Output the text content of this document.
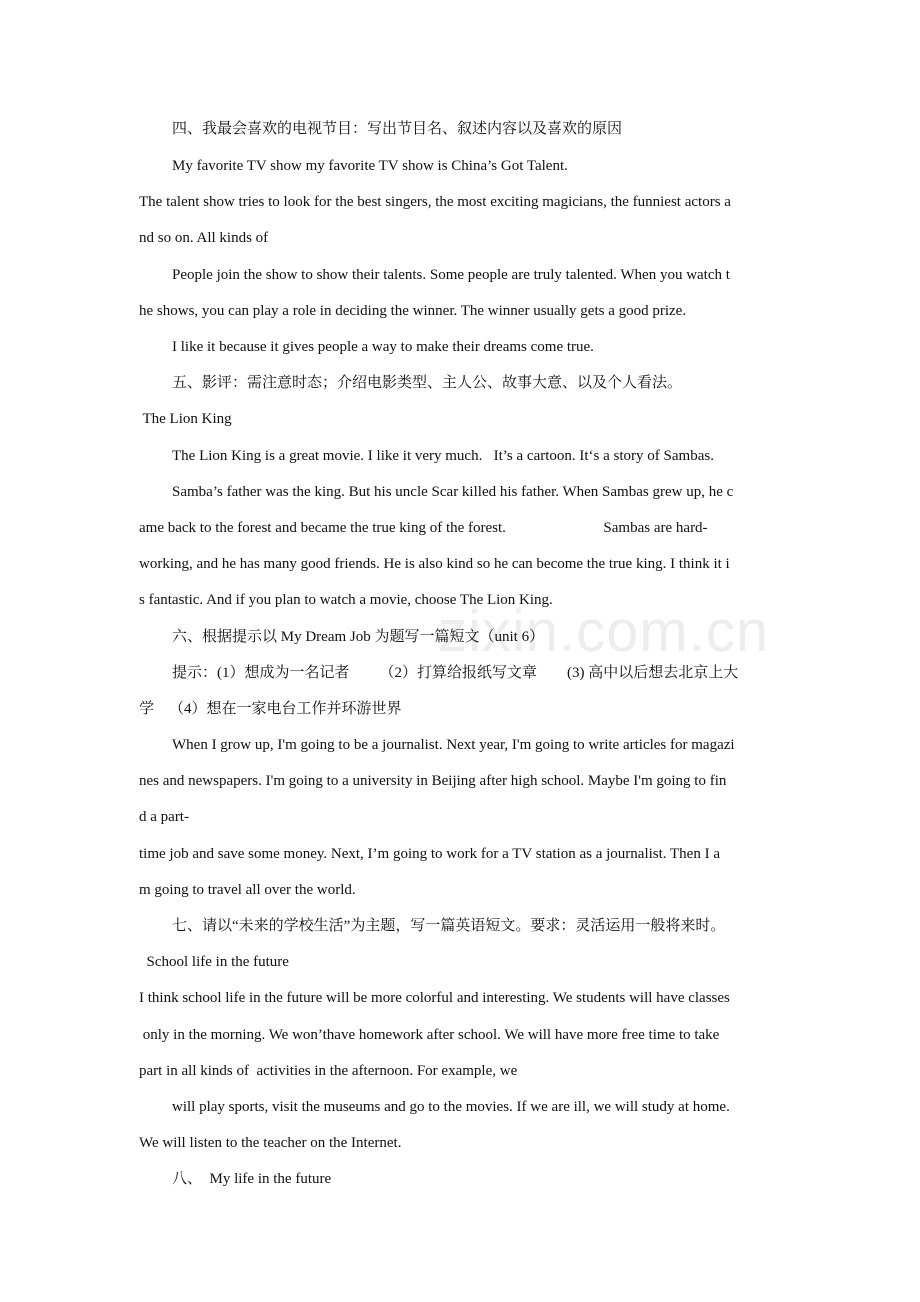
zixin.com.cn
四、我最会喜欢的电视节目：写出节目名、叙述内容以及喜欢的原因
My favorite TV show my favorite TV show is China’s Got Talent.
The talent show tries to look for the best singers, the most exciting magicians, the funniest actors a
nd so on. All kinds of
People join the show to show their talents. Some people are truly talented. When you watch t
he shows, you can play a role in deciding the winner. The winner usually gets a good prize.
I like it because it gives people a way to make their dreams come true.
五、影评：需注意时态；介绍电影类型、主人公、故事大意、以及个人看法。
The Lion King
The Lion King is a great movie. I like it very much.   It’s a cartoon. It‘s a story of Sambas.
Samba’s father was the king. But his uncle Scar killed his father. When Sambas grew up, he c
ame back to the forest and became the true king of the forest.                          Sambas are hard-
working, and he has many good friends. He is also kind so he can become the true king. I think it i
s fantastic. And if you plan to watch a movie, choose The Lion King.
六、根据提示以 My Dream Job 为题写一篇短文（unit 6）
提示：(1）想成为一名记者        （2）打算给报纸写文章        (3) 高中以后想去北京上大
学    （4）想在一家电台工作并环游世界
When I grow up, I'm going to be a journalist. Next year, I'm going to write articles for magazi
nes and newspapers. I'm going to a university in Beijing after high school. Maybe I'm going to fin
d a part-
time job and save some money. Next, I’m going to work for a TV station as a journalist. Then I a
m going to travel all over the world.
七、请以“未来的学校生活”为主题，写一篇英语短文。要求：灵活运用一般将来时。
School life in the future
I think school life in the future will be more colorful and interesting. We students will have classes
only in the morning. We won’thave homework after school. We will have more free time to take
part in all kinds of  activities in the afternoon. For example, we
will play sports, visit the museums and go to the movies. If we are ill, we will study at home.
We will listen to the teacher on the Internet.
八、  My life in the future
